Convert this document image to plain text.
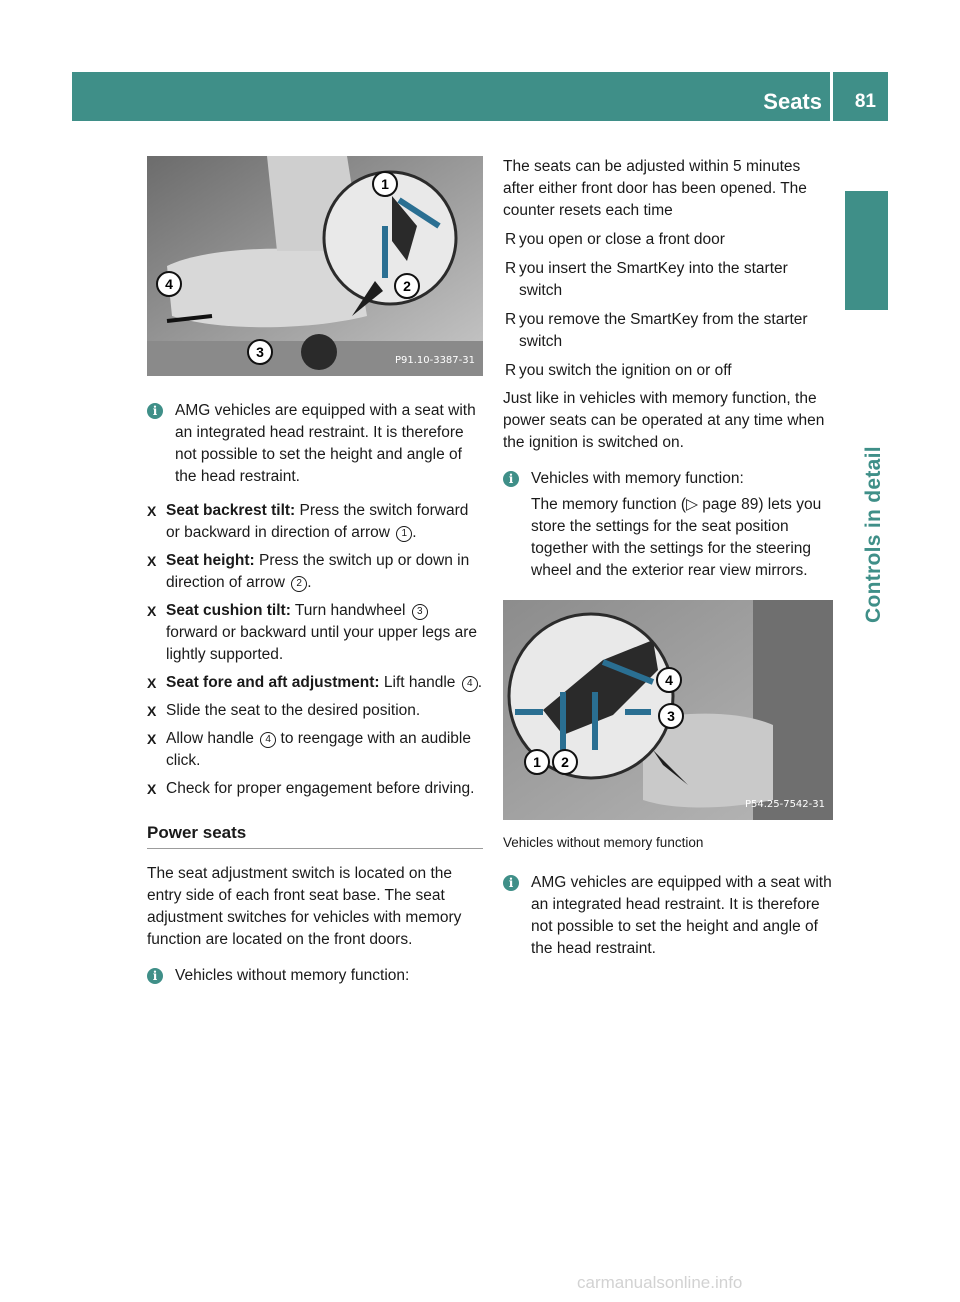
Seats 81
Controls in detail
1
2
3
4
P91.10-3387-31
i	AMG vehicles are equipped with a seat with an integrated head restraint. It is therefore not possible to set the height and angle of the head restraint.

X Seat backrest tilt: Press the switch forward or backward in direction of arrow 1 .
X Seat height: Press the switch up or down in direction of arrow 2 .
X Seat cushion tilt: Turn handwheel 3 forward or backward until your upper legs are lightly supported.
X Seat fore and aft adjustment: Lift handle 4 .
X Slide the seat to the desired position.
X Allow handle 4 to reengage with an audible click.
X Check for proper engagement before driving.
Power seats

The seat adjustment switch is located on the entry side of each front seat base. The seat adjustment switches for vehicles with memory function are located on the front doors.

i	Vehicles without memory function:

The seats can be adjusted within 5 minutes after either front door has been opened. The counter resets each time

R you open or close a front door
R you insert the SmartKey into the starter switch
R you remove the SmartKey from the starter switch
R you switch the ignition on or off

Just like in vehicles with memory function, the power seats can be operated at any time when the ignition is switched on.

i	Vehicles with memory function:

The memory function (▷ page 89) lets you store the settings for the seat position together with the settings for the steering wheel and the exterior rear view mirrors.

1 2
3
4
P54.25-7542-31
Vehicles without memory function
i	AMG vehicles are equipped with a seat with an integrated head restraint. It is therefore not possible to set the height and angle of the head restraint.

carmanualsonline.info
